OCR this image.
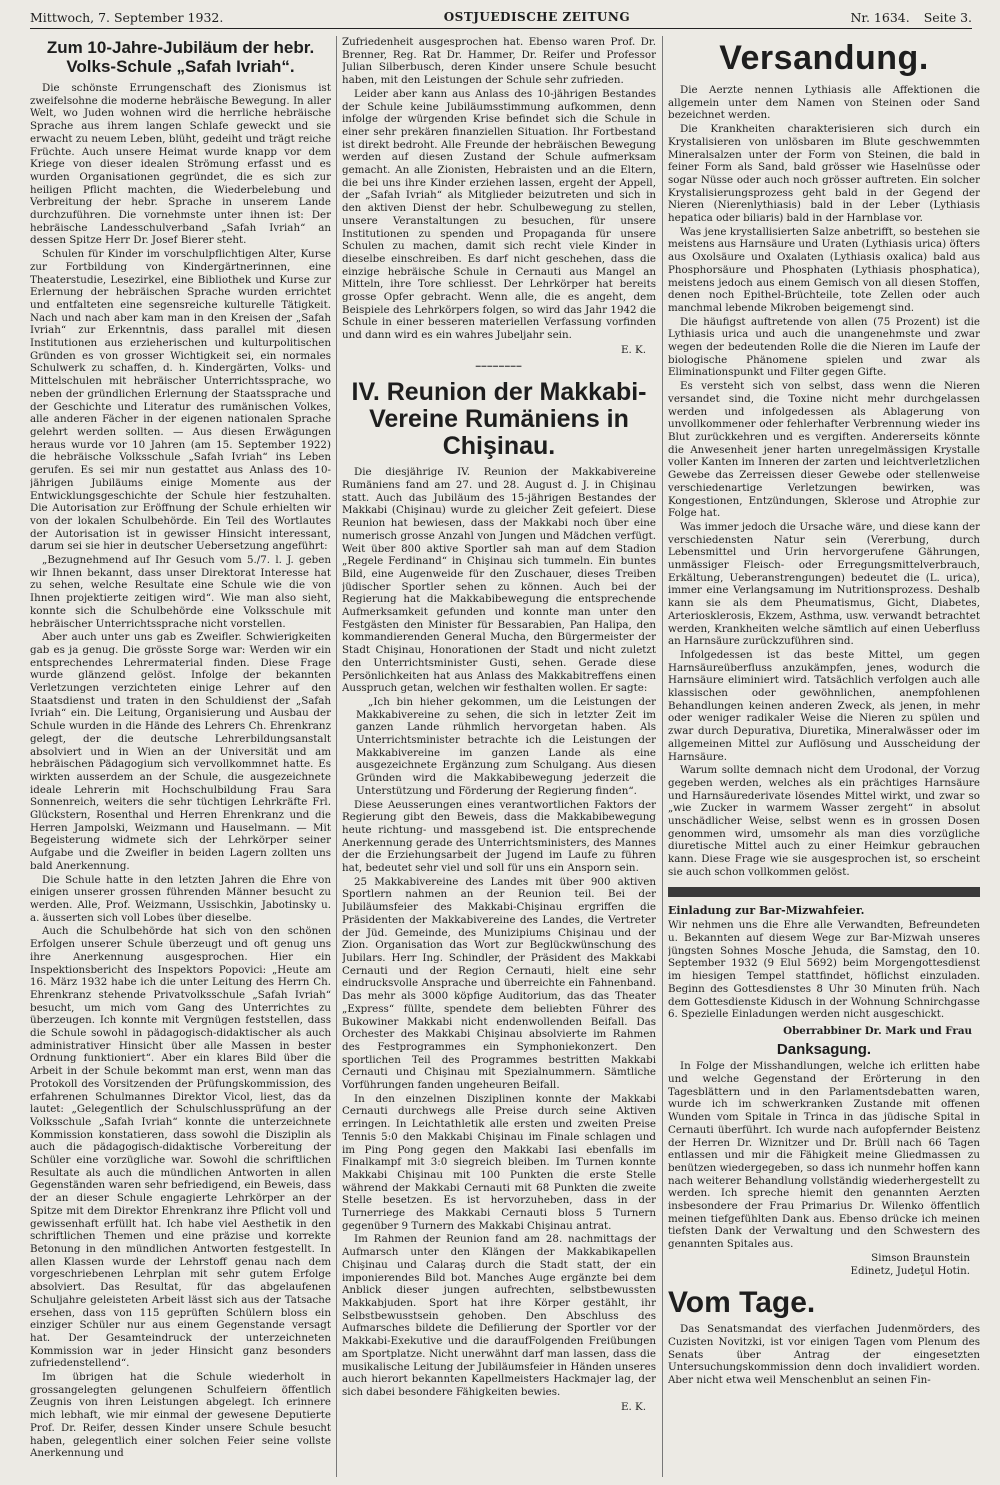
Mittwoch, 7. September 1932.	OSTJUEDISCHE ZEITUNG	Nr. 1634. Seite 3.
Zum 10-Jahre-Jubiläum der hebr. Volks-Schule „Safah Ivriah“.

Die schönste Errungenschaft des Zionismus ist zweifelsohne die moderne hebräische Bewegung. In aller Welt, wo Juden wohnen wird die herrliche hebräische Sprache aus ihrem langen Schlafe geweckt und sie erwacht zu neuem Leben, blüht, gedeiht und trägt reiche Früchte. Auch unsere Heimat wurde knapp vor dem Kriege von dieser idealen Strömung erfasst und es wurden Organisationen gegründet, die es sich zur heiligen Pflicht machten, die Wiederbelebung und Verbreitung der hebr. Sprache in unserem Lande durchzuführen. Die vornehmste unter ihnen ist: Der hebräische Landesschulverband „Safah Ivriah“ an dessen Spitze Herr Dr. Josef Bierer steht.

Schulen für Kinder im vorschulpflichtigen Alter, Kurse zur Fortbildung von Kindergärtnerinnen, eine Theaterstudie, Lesezirkel, eine Bibliothek und Kurse zur Erlernung der hebräischen Sprache wurden errichtet und entfalteten eine segensreiche kulturelle Tätigkeit. Nach und nach aber kam man in den Kreisen der „Safah Ivriah“ zur Erkenntnis, dass parallel mit diesen Institutionen aus erzieherischen und kulturpolitischen Gründen es von grosser Wichtigkeit sei, ein normales Schulwerk zu schaffen, d. h. Kindergärten, Volks- und Mittelschulen mit hebräischer Unterrichtssprache, wo neben der gründlichen Erlernung der Staatssprache und der Geschichte und Literatur des rumänischen Volkes, alle anderen Fächer in der eigenen nationalen Sprache gelehrt werden sollten. — Aus diesen Erwägungen heraus wurde vor 10 Jahren (am 15. September 1922) die hebräische Volksschule „Safah Ivriah“ ins Leben gerufen. Es sei mir nun gestattet aus Anlass des 10-jährigen Jubiläums einige Momente aus der Entwicklungsgeschichte der Schule hier festzuhalten. Die Autorisation zur Eröffnung der Schule erhielten wir von der lokalen Schulbehörde. Ein Teil des Wortlautes der Autorisation ist in gewisser Hinsicht interessant, darum sei sie hier in deutscher Uebersetzung angeführt:

„Bezugnehmend auf Ihr Gesuch vom 5./7. l. J. geben wir Ihnen bekannt, dass unser Direktorat Interesse hat zu sehen, welche Resultate eine Schule wie die von Ihnen projektierte zeitigen wird“. Wie man also sieht, konnte sich die Schulbehörde eine Volksschule mit hebräischer Unterrichtssprache nicht vorstellen.

Aber auch unter uns gab es Zweifler. Schwierigkeiten gab es ja genug. Die grösste Sorge war: Werden wir ein entsprechendes Lehrermaterial finden. Diese Frage wurde glänzend gelöst. Infolge der bekannten Verletzungen verzichteten einige Lehrer auf den Staatsdienst und traten in den Schuldienst der „Safah Ivriah“ ein. Die Leitung, Organisierung und Ausbau der Schule wurden in die Hände des Lehrers Ch. Ehrenkranz gelegt, der die deutsche Lehrerbildungsanstalt absolviert und in Wien an der Universität und am hebräischen Pädagogium sich vervollkommnet hatte. Es wirkten ausserdem an der Schule, die ausgezeichnete ideale Lehrerin mit Hochschulbildung Frau Sara Sonnenreich, weiters die sehr tüchtigen Lehrkräfte Frl. Glückstern, Rosenthal und Herren Ehrenkranz und die Herren Jampolski, Weizmann und Hauselmann. — Mit Begeisterung widmete sich der Lehrkörper seiner Aufgabe und die Zweifler in beiden Lagern zollten uns bald Anerkennung.

Die Schule hatte in den letzten Jahren die Ehre von einigen unserer grossen führenden Männer besucht zu werden. Alle, Prof. Weizmann, Ussischkin, Jabotinsky u. a. äusserten sich voll Lobes über dieselbe.

Auch die Schulbehörde hat sich von den schönen Erfolgen unserer Schule überzeugt und oft genug uns ihre Anerkennung ausgesprochen. Hier ein Inspektionsbericht des Inspektors Popovici: „Heute am 16. März 1932 habe ich die unter Leitung des Herrn Ch. Ehrenkranz stehende Privatvolksschule „Safah Ivriah“ besucht, um mich vom Gang des Unterrichtes zu überzeugen. Ich konnte mit Vergnügen feststellen, dass die Schule sowohl in pädagogisch-didaktischer als auch administrativer Hinsicht über alle Massen in bester Ordnung funktioniert“. Aber ein klares Bild über die Arbeit in der Schule bekommt man erst, wenn man das Protokoll des Vorsitzenden der Prüfungskommission, des erfahrenen Schulmannes Direktor Vicol, liest, das da lautet: „Gelegentlich der Schulschlussprüfung an der Volksschule „Safah Ivriah“ konnte die unterzeichnete Kommission konstatieren, dass sowohl die Disziplin als auch die pädagogisch-didaktische Vorbereitung der Schüler eine vorzügliche war. Sowohl die schriftlichen Resultate als auch die mündlichen Antworten in allen Gegenständen waren sehr befriedigend, ein Beweis, dass der an dieser Schule engagierte Lehrkörper an der Spitze mit dem Direktor Ehrenkranz ihre Pflicht voll und gewissenhaft erfüllt hat. Ich habe viel Aesthetik in den schriftlichen Themen und eine präzise und korrekte Betonung in den mündlichen Antworten festgestellt. In allen Klassen wurde der Lehrstoff genau nach dem vorgeschriebenen Lehrplan mit sehr gutem Erfolge absolviert. Das Resultat, für das abgelaufenen Schuljahre geleisteten Arbeit lässt sich aus der Tatsache ersehen, dass von 115 geprüften Schülern bloss ein einziger Schüler nur aus einem Gegenstande versagt hat. Der Gesamteindruck der unterzeichneten Kommission war in jeder Hinsicht ganz besonders zufriedenstellend“.

Im übrigen hat die Schule wiederholt in grossangelegten gelungenen Schulfeiern öffentlich Zeugnis von ihren Leistungen abgelegt. Ich erinnere mich lebhaft, wie mir einmal der gewesene Deputierte Prof. Dr. Reifer, dessen Kinder unsere Schule besucht haben, gelegentlich einer solchen Feier seine vollste Anerkennung und

Zufriedenheit ausgesprochen hat. Ebenso waren Prof. Dr. Brenner, Reg. Rat Dr. Hammer, Dr. Reifer und Professor Julian Silberbusch, deren Kinder unsere Schule besucht haben, mit den Leistungen der Schule sehr zufrieden.

Leider aber kann aus Anlass des 10-jährigen Bestandes der Schule keine Jubiläumsstimmung aufkommen, denn infolge der würgenden Krise befindet sich die Schule in einer sehr prekären finanziellen Situation. Ihr Fortbestand ist direkt bedroht. Alle Freunde der hebräischen Bewegung werden auf diesen Zustand der Schule aufmerksam gemacht. An alle Zionisten, Hebraisten und an die Eltern, die bei uns ihre Kinder erziehen lassen, ergeht der Appell, der „Safah Ivriah“ als Mitglieder beizutreten und sich in den aktiven Dienst der hebr. Schulbewegung zu stellen, unsere Veranstaltungen zu besuchen, für unsere Institutionen zu spenden und Propaganda für unsere Schulen zu machen, damit sich recht viele Kinder in dieselbe einschreiben. Es darf nicht geschehen, dass die einzige hebräische Schule in Cernauti aus Mangel an Mitteln, ihre Tore schliesst. Der Lehrkörper hat bereits grosse Opfer gebracht. Wenn alle, die es angeht, dem Beispiele des Lehrkörpers folgen, so wird das Jahr 1942 die Schule in einer besseren materiellen Verfassung vorfinden und dann wird es ein wahres Jubeljahr sein.

E. K.
━━━━━━━━
IV. Reunion der Makkabi-Vereine Rumäniens in Chişinau.

Die diesjährige IV. Reunion der Makkabivereine Rumäniens fand am 27. und 28. August d. J. in Chişinau statt. Auch das Jubiläum des 15-jährigen Bestandes der Makkabi (Chişinau) wurde zu gleicher Zeit gefeiert. Diese Reunion hat bewiesen, dass der Makkabi noch über eine numerisch grosse Anzahl von Jungen und Mädchen verfügt. Weit über 800 aktive Sportler sah man auf dem Stadion „Regele Ferdinand“ in Chişinau sich tummeln. Ein buntes Bild, eine Augenweide für den Zuschauer, dieses Treiben jüdischer Sportler sehen zu können. Auch bei der Regierung hat die Makkabibewegung die entsprechende Aufmerksamkeit gefunden und konnte man unter den Festgästen den Minister für Bessarabien, Pan Halipa, den kommandierenden General Mucha, den Bürgermeister der Stadt Chişinau, Honorationen der Stadt und nicht zuletzt den Unterrichtsminister Gusti, sehen. Gerade diese Persönlichkeiten hat aus Anlass des Makkabitreffens einen Ausspruch getan, welchen wir festhalten wollen. Er sagte:

„Ich bin hieher gekommen, um die Leistungen der Makkabivereine zu sehen, die sich in letzter Zeit im ganzen Lande rühmlich hervorgetan haben. Als Unterrichtsminister betrachte ich die Leistungen der Makkabivereine im ganzen Lande als eine ausgezeichnete Ergänzung zum Schulgang. Aus diesen Gründen wird die Makkabibewegung jederzeit die Unterstützung und Förderung der Regierung finden“.

Diese Aeusserungen eines verantwortlichen Faktors der Regierung gibt den Beweis, dass die Makkabibewegung heute richtung- und massgebend ist. Die entsprechende Anerkennung gerade des Unterrichtsministers, des Mannes der die Erziehungsarbeit der Jugend im Laufe zu führen hat, bedeutet sehr viel und soll für uns ein Ansporn sein.

25 Makkabivereine des Landes mit über 900 aktiven Sportlern nahmen an der Reunion teil. Bei der Jubiläumsfeier des Makkabi-Chişinau ergriffen die Präsidenten der Makkabivereine des Landes, die Vertreter der Jüd. Gemeinde, des Munizipiums Chişinau und der Zion. Organisation das Wort zur Beglückwünschung des Jubilars. Herr Ing. Schindler, der Präsident des Makkabi Cernauti und der Region Cernauti, hielt eine sehr eindrucksvolle Ansprache und überreichte ein Fahnenband. Das mehr als 3000 köpfige Auditorium, das das Theater „Express“ füllte, spendete dem beliebten Führer des Bukowiner Makkabi nicht endenwollenden Beifall. Das Orchester des Makkabi Chişinau absolvierte im Rahmen des Festprogrammes ein Symphoniekonzert. Den sportlichen Teil des Programmes bestritten Makkabi Cernauti und Chişinau mit Spezialnummern. Sämtliche Vorführungen fanden ungeheuren Beifall.

In den einzelnen Disziplinen konnte der Makkabi Cernauti durchwegs alle Preise durch seine Aktiven erringen. In Leichtathletik alle ersten und zweiten Preise Tennis 5:0 den Makkabi Chişinau im Finale schlagen und im Ping Pong gegen den Makkabi Iasi ebenfalls im Finalkampf mit 3:0 siegreich bleiben. Im Turnen konnte Makkabi Chişinau mit 100 Punkten die erste Stelle während der Makkabi Cernauti mit 68 Punkten die zweite Stelle besetzen. Es ist hervorzuheben, dass in der Turnerriege des Makkabi Cernauti bloss 5 Turnern gegenüber 9 Turnern des Makkabi Chişinau antrat.

Im Rahmen der Reunion fand am 28. nachmittags der Aufmarsch unter den Klängen der Makkabikapellen Chişinau und Calaraş durch die Stadt statt, der ein imponierendes Bild bot. Manches Auge ergänzte bei dem Anblick dieser jungen aufrechten, selbstbewussten Makkabjuden. Sport hat ihre Körper gestählt, ihr Selbstbewusstsein gehoben. Den Abschluss des Aufmarsches bildete die Defilierung der Sportler vor der Makkabi-Exekutive und die daraufFolgenden Freiübungen am Sportplatze. Nicht unerwähnt darf man lassen, dass die musikalische Leitung der Jubiläumsfeier in Händen unseres auch hierort bekannten Kapellmeisters Hackmajer lag, der sich dabei besondere Fähigkeiten bewies.

E. K.
Versandung.

Die Aerzte nennen Lythiasis alle Affektionen die allgemein unter dem Namen von Steinen oder Sand bezeichnet werden.

Die Krankheiten charakterisieren sich durch ein Krystalisieren von unlösbaren im Blute geschwemmten Mineralsalzen unter der Form von Steinen, die bald in feiner Form als Sand, bald grösser wie Haselnüsse oder sogar Nüsse oder auch noch grösser auftreten. Ein solcher Krystalisierungsprozess geht bald in der Gegend der Nieren (Nierenlythiasis) bald in der Leber (Lythiasis hepatica oder biliaris) bald in der Harnblase vor.

Was jene krystallisierten Salze anbetrifft, so bestehen sie meistens aus Harnsäure und Uraten (Lythiasis urica) öfters aus Oxolsäure und Oxalaten (Lythiasis oxalica) bald aus Phosphorsäure und Phosphaten (Lythiasis phosphatica), meistens jedoch aus einem Gemisch von all diesen Stoffen, denen noch Epithel-Brüchteile, tote Zellen oder auch manchmal lebende Mikroben beigemengt sind.

Die häufigst auftretende von allen (75 Prozent) ist die Lythiasis urica und auch die unangenehmste und zwar wegen der bedeutenden Rolle die die Nieren im Laufe der biologische Phänomene spielen und zwar als Eliminationspunkt und Filter gegen Gifte.

Es versteht sich von selbst, dass wenn die Nieren versandet sind, die Toxine nicht mehr durchgelassen werden und infolgedessen als Ablagerung von unvollkommener oder fehlerhafter Verbrennung wieder ins Blut zurückkehren und es vergiften. Andererseits könnte die Anwesenheit jener harten unregelmässigen Krystalle voller Kanten im Inneren der zarten und leichtverletzlichen Gewebe das Zerreissen dieser Gewebe oder stellenweise verschiedenartige Verletzungen bewirken, was Kongestionen, Entzündungen, Sklerose und Atrophie zur Folge hat.

Was immer jedoch die Ursache wäre, und diese kann der verschiedensten Natur sein (Vererbung, durch Lebensmittel und Urin hervorgerufene Gährungen, unmässiger Fleisch- oder Erregungsmittelverbrauch, Erkältung, Ueberanstrengungen) bedeutet die (L. urica), immer eine Verlangsamung im Nutritionsprozess. Deshalb kann sie als dem Pheumatismus, Gicht, Diabetes, Arteriosklerosis, Ekzem, Asthma, usw. verwandt betrachtet werden, Krankheiten welche sämtlich auf einen Ueberfluss an Harnsäure zurückzuführen sind.

Infolgedessen ist das beste Mittel, um gegen Harnsäureüberfluss anzukämpfen, jenes, wodurch die Harnsäure eliminiert wird. Tatsächlich verfolgen auch alle klassischen oder gewöhnlichen, anempfohlenen Behandlungen keinen anderen Zweck, als jenen, in mehr oder weniger radikaler Weise die Nieren zu spülen und zwar durch Depurativa, Diuretika, Mineralwässer oder im allgemeinen Mittel zur Auflösung und Ausscheidung der Harnsäure.

Warum sollte demnach nicht dem Urodonal, der Vorzug gegeben werden, welches als ein prächtiges Harnsäure und Harnsäurederivate lösendes Mittel wirkt, und zwar so „wie Zucker in warmem Wasser zergeht“ in absolut unschädlicher Weise, selbst wenn es in grossen Dosen genommen wird, umsomehr als man dies vorzügliche diuretische Mittel auch zu einer Heimkur gebrauchen kann. Diese Frage wie sie ausgesprochen ist, so erscheint sie auch schon vollkommen gelöst.

Einladung zur Bar-Mizwahfeier.

Wir nehmen uns die Ehre alle Verwandten, Befreundeten u. Bekannten auf diesem Wege zur Bar-Mizwah unseres jüngsten Sohnes Mosche Jehuda, die Samstag, den 10. September 1932 (9 Elul 5692) beim Morgengottesdienst im hiesigen Tempel stattfindet, höflichst einzuladen. Beginn des Gottesdienstes 8 Uhr 30 Minuten früh. Nach dem Gottesdienste Kidusch in der Wohnung Schnirchgasse 6. Spezielle Einladungen werden nicht ausgeschickt.

Oberrabbiner Dr. Mark und Frau
Danksagung.

In Folge der Misshandlungen, welche ich erlitten habe und welche Gegenstand der Erörterung in den Tagesblättern und in den Parlamentsdebatten waren, wurde ich im schwerkranken Zustande mit offenen Wunden vom Spitale in Trinca in das jüdische Spital in Cernauti überführt. Ich wurde nach aufopfernder Beistenz der Herren Dr. Wiznitzer und Dr. Brüll nach 66 Tagen entlassen und mir die Fähigkeit meine Gliedmassen zu benützen wiedergegeben, so dass ich nunmehr hoffen kann nach weiterer Behandlung vollständig wiederhergestellt zu werden. Ich spreche hiemit den genannten Aerzten insbesondere der Frau Primarius Dr. Wilenko öffentlich meinen tiefgefühlten Dank aus. Ebenso drücke ich meinen tiefsten Dank der Verwaltung und den Schwestern des genannten Spitales aus.

Simson Braunstein
Edinetz, Judeţul Hotin.
Vom Tage.

Das Senatsmandat des vierfachen Judenmörders, des Cuzisten Novitzki, ist vor einigen Tagen vom Plenum des Senats über Antrag der eingesetzten Untersuchungskommission denn doch invalidiert worden. Aber nicht etwa weil Menschenblut an seinen Fin-
